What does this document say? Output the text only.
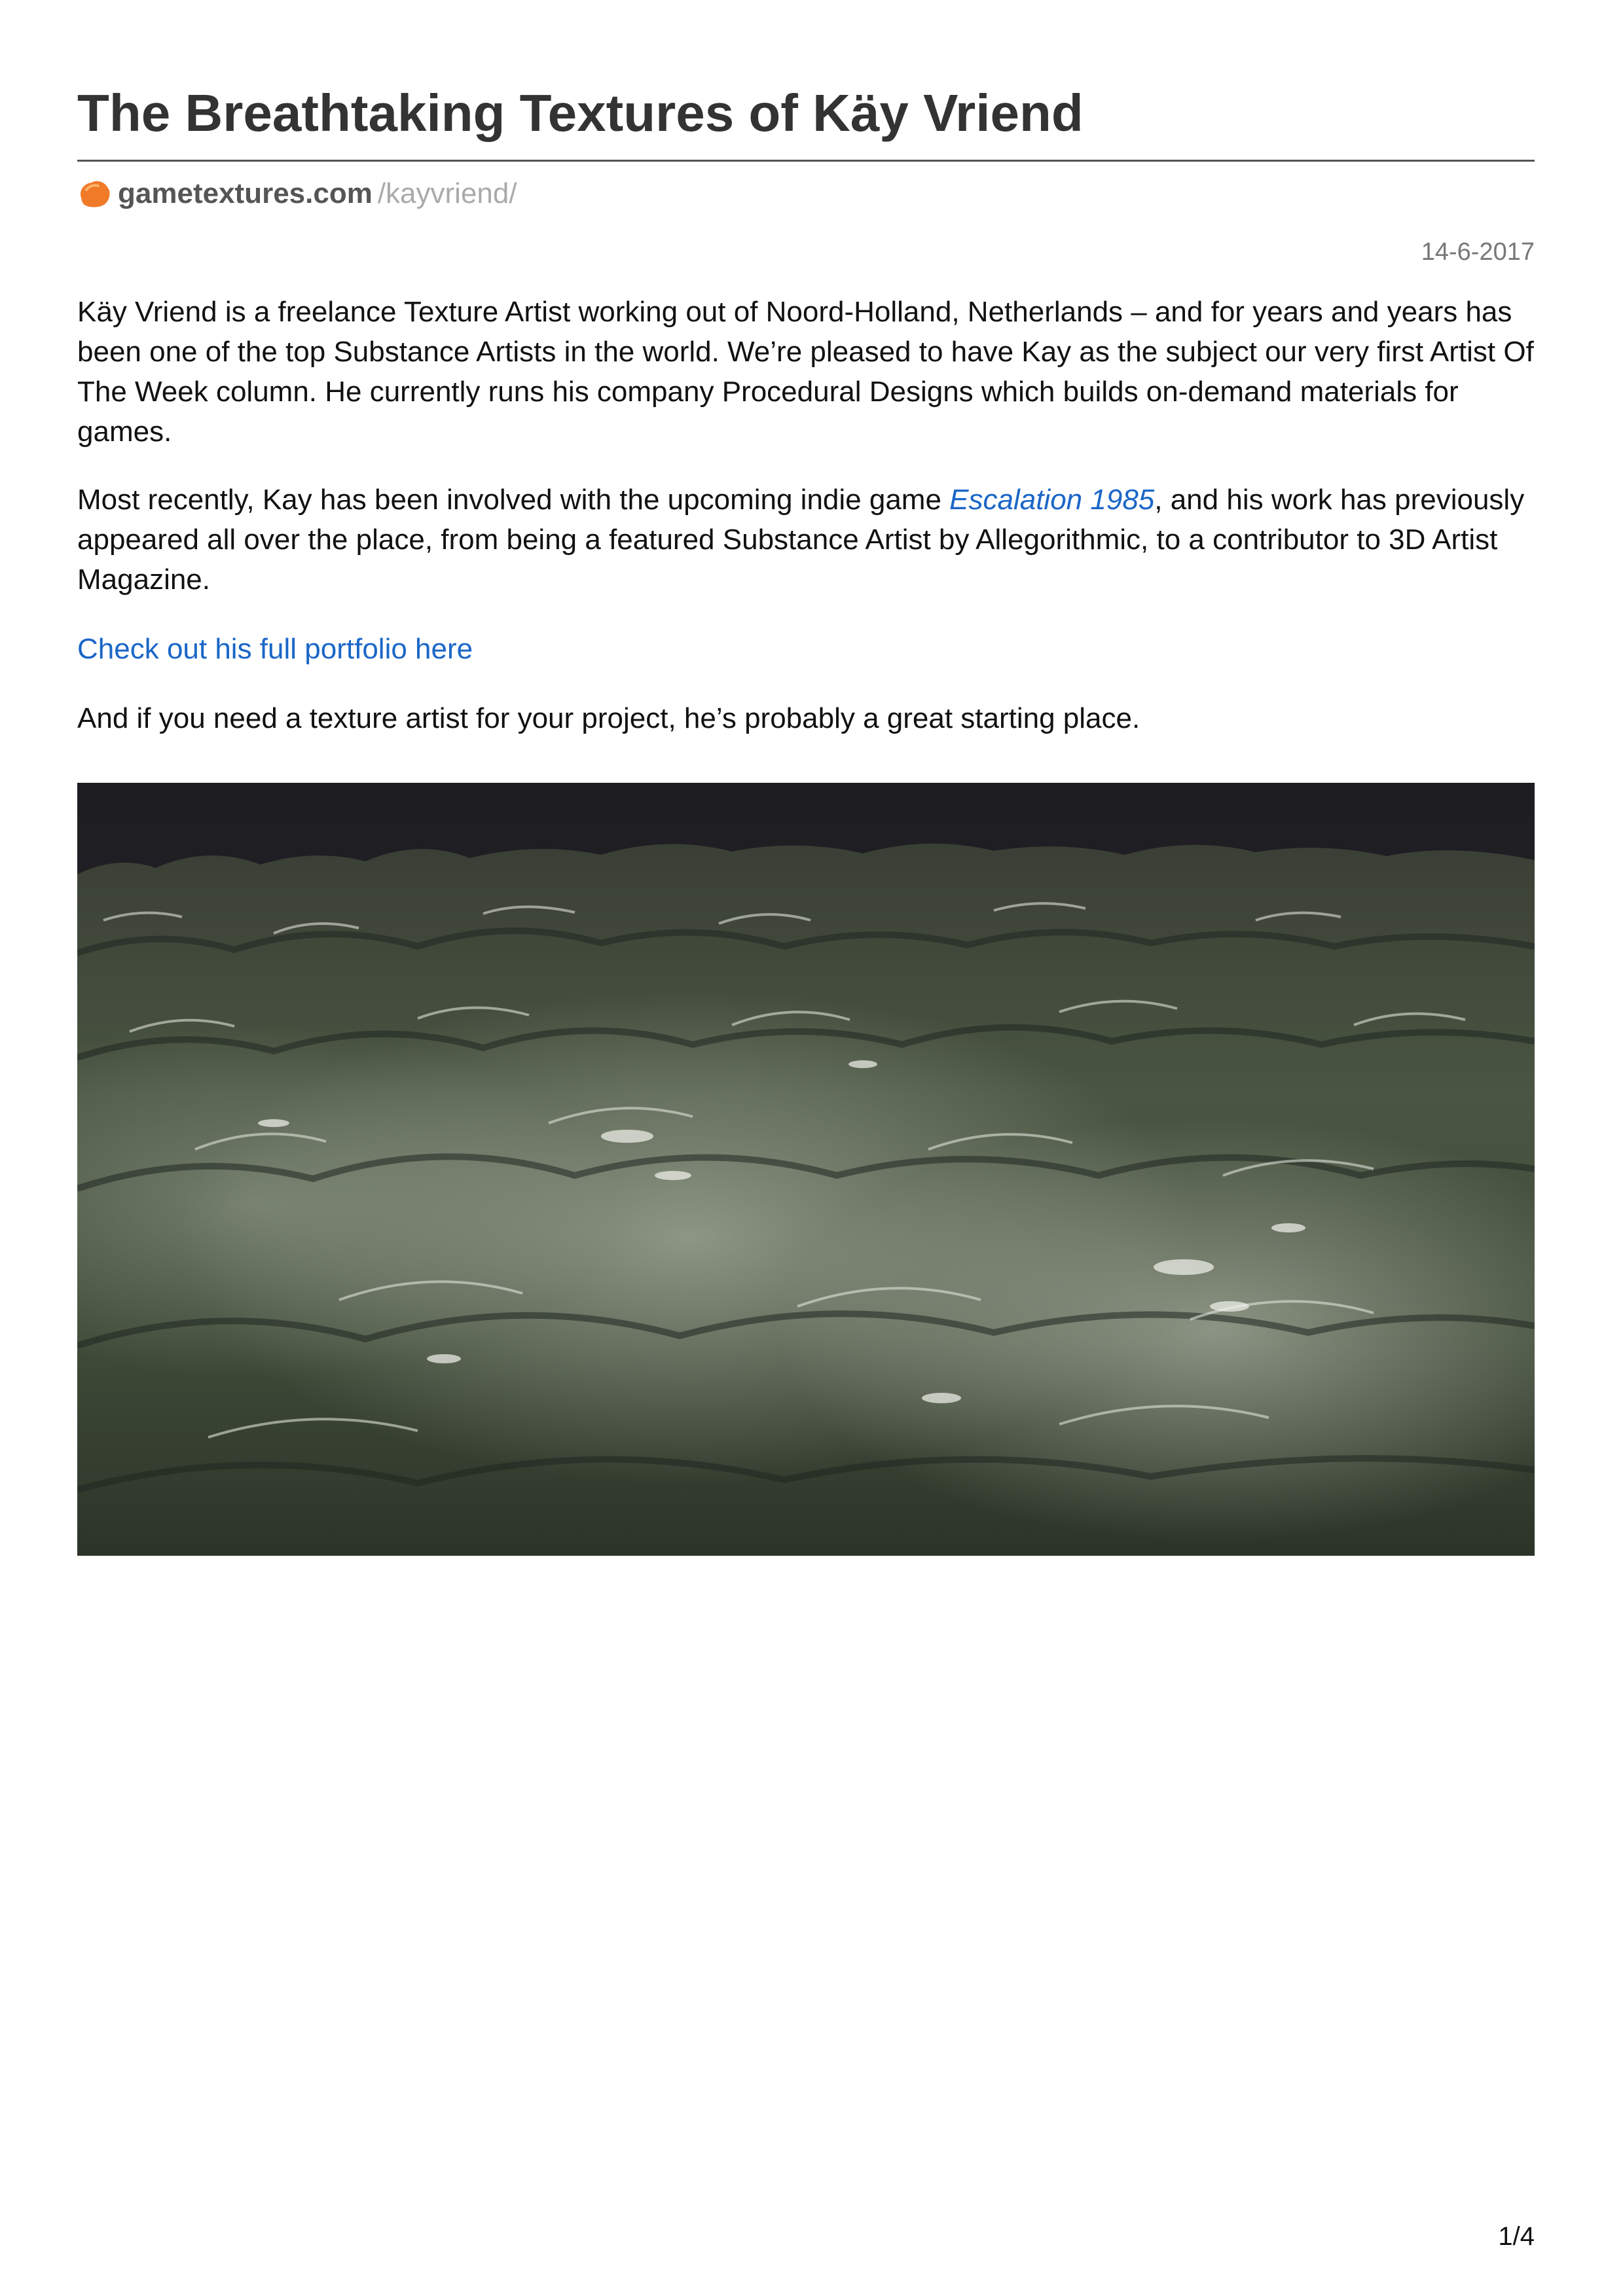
The Breathtaking Textures of Käy Vriend
gametextures.com /kayvriend/
14-6-2017

Käy Vriend is a freelance Texture Artist working out of Noord-Holland, Netherlands – and for years and years has been one of the top Substance Artists in the world. We’re pleased to have Kay as the subject our very first Artist Of The Week column. He currently runs his company Procedural Designs which builds on-demand materials for games.

Most recently, Kay has been involved with the upcoming indie game Escalation 1985, and his work has previously appeared all over the place, from being a featured Substance Artist by Allegorithmic, to a contributor to 3D Artist Magazine.

Check out his full portfolio here

And if you need a texture artist for your project, he’s probably a great starting place.

1/4
